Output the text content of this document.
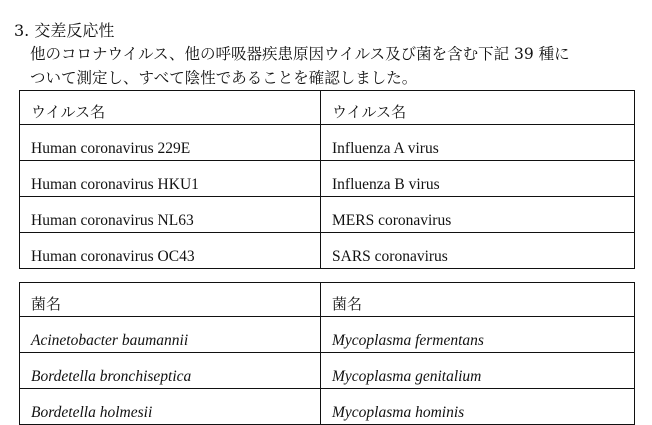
3. 交差反応性
他のコロナウイルス、他の呼吸器疾患原因ウイルス及び菌を含む下記 39 種に
ついて測定し、すべて陰性であることを確認しました。
ウイルス名	ウイルス名
Human coronavirus 229E	Influenza A virus
Human coronavirus HKU1	Influenza B virus
Human coronavirus NL63	MERS coronavirus
Human coronavirus OC43	SARS coronavirus
菌名	菌名
Acinetobacter baumannii	Mycoplasma fermentans
Bordetella bronchiseptica	Mycoplasma genitalium
Bordetella holmesii	Mycoplasma hominis
